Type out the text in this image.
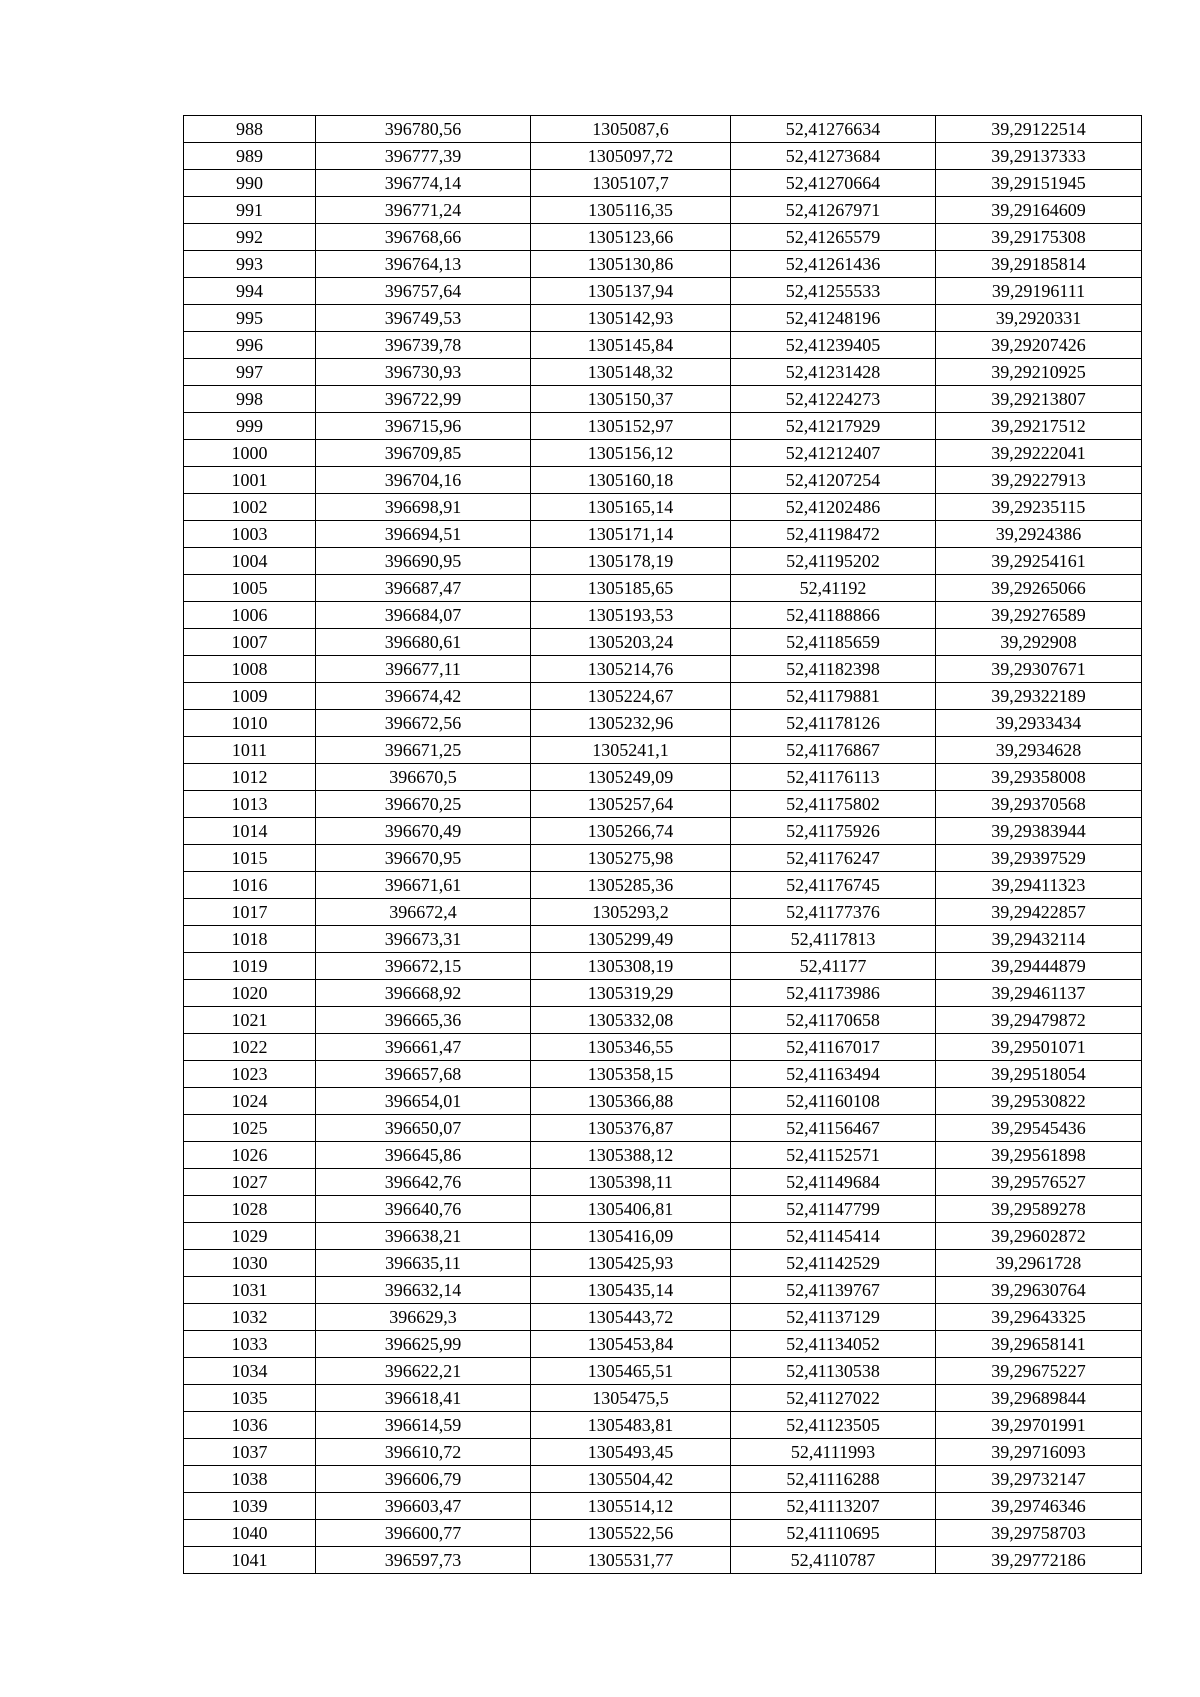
988	396780,56	1305087,6	52,41276634	39,29122514
989	396777,39	1305097,72	52,41273684	39,29137333
990	396774,14	1305107,7	52,41270664	39,29151945
991	396771,24	1305116,35	52,41267971	39,29164609
992	396768,66	1305123,66	52,41265579	39,29175308
993	396764,13	1305130,86	52,41261436	39,29185814
994	396757,64	1305137,94	52,41255533	39,29196111
995	396749,53	1305142,93	52,41248196	39,2920331
996	396739,78	1305145,84	52,41239405	39,29207426
997	396730,93	1305148,32	52,41231428	39,29210925
998	396722,99	1305150,37	52,41224273	39,29213807
999	396715,96	1305152,97	52,41217929	39,29217512
1000	396709,85	1305156,12	52,41212407	39,29222041
1001	396704,16	1305160,18	52,41207254	39,29227913
1002	396698,91	1305165,14	52,41202486	39,29235115
1003	396694,51	1305171,14	52,41198472	39,2924386
1004	396690,95	1305178,19	52,41195202	39,29254161
1005	396687,47	1305185,65	52,41192	39,29265066
1006	396684,07	1305193,53	52,41188866	39,29276589
1007	396680,61	1305203,24	52,41185659	39,292908
1008	396677,11	1305214,76	52,41182398	39,29307671
1009	396674,42	1305224,67	52,41179881	39,29322189
1010	396672,56	1305232,96	52,41178126	39,2933434
1011	396671,25	1305241,1	52,41176867	39,2934628
1012	396670,5	1305249,09	52,41176113	39,29358008
1013	396670,25	1305257,64	52,41175802	39,29370568
1014	396670,49	1305266,74	52,41175926	39,29383944
1015	396670,95	1305275,98	52,41176247	39,29397529
1016	396671,61	1305285,36	52,41176745	39,29411323
1017	396672,4	1305293,2	52,41177376	39,29422857
1018	396673,31	1305299,49	52,4117813	39,29432114
1019	396672,15	1305308,19	52,41177	39,29444879
1020	396668,92	1305319,29	52,41173986	39,29461137
1021	396665,36	1305332,08	52,41170658	39,29479872
1022	396661,47	1305346,55	52,41167017	39,29501071
1023	396657,68	1305358,15	52,41163494	39,29518054
1024	396654,01	1305366,88	52,41160108	39,29530822
1025	396650,07	1305376,87	52,41156467	39,29545436
1026	396645,86	1305388,12	52,41152571	39,29561898
1027	396642,76	1305398,11	52,41149684	39,29576527
1028	396640,76	1305406,81	52,41147799	39,29589278
1029	396638,21	1305416,09	52,41145414	39,29602872
1030	396635,11	1305425,93	52,41142529	39,2961728
1031	396632,14	1305435,14	52,41139767	39,29630764
1032	396629,3	1305443,72	52,41137129	39,29643325
1033	396625,99	1305453,84	52,41134052	39,29658141
1034	396622,21	1305465,51	52,41130538	39,29675227
1035	396618,41	1305475,5	52,41127022	39,29689844
1036	396614,59	1305483,81	52,41123505	39,29701991
1037	396610,72	1305493,45	52,4111993	39,29716093
1038	396606,79	1305504,42	52,41116288	39,29732147
1039	396603,47	1305514,12	52,41113207	39,29746346
1040	396600,77	1305522,56	52,41110695	39,29758703
1041	396597,73	1305531,77	52,4110787	39,29772186
